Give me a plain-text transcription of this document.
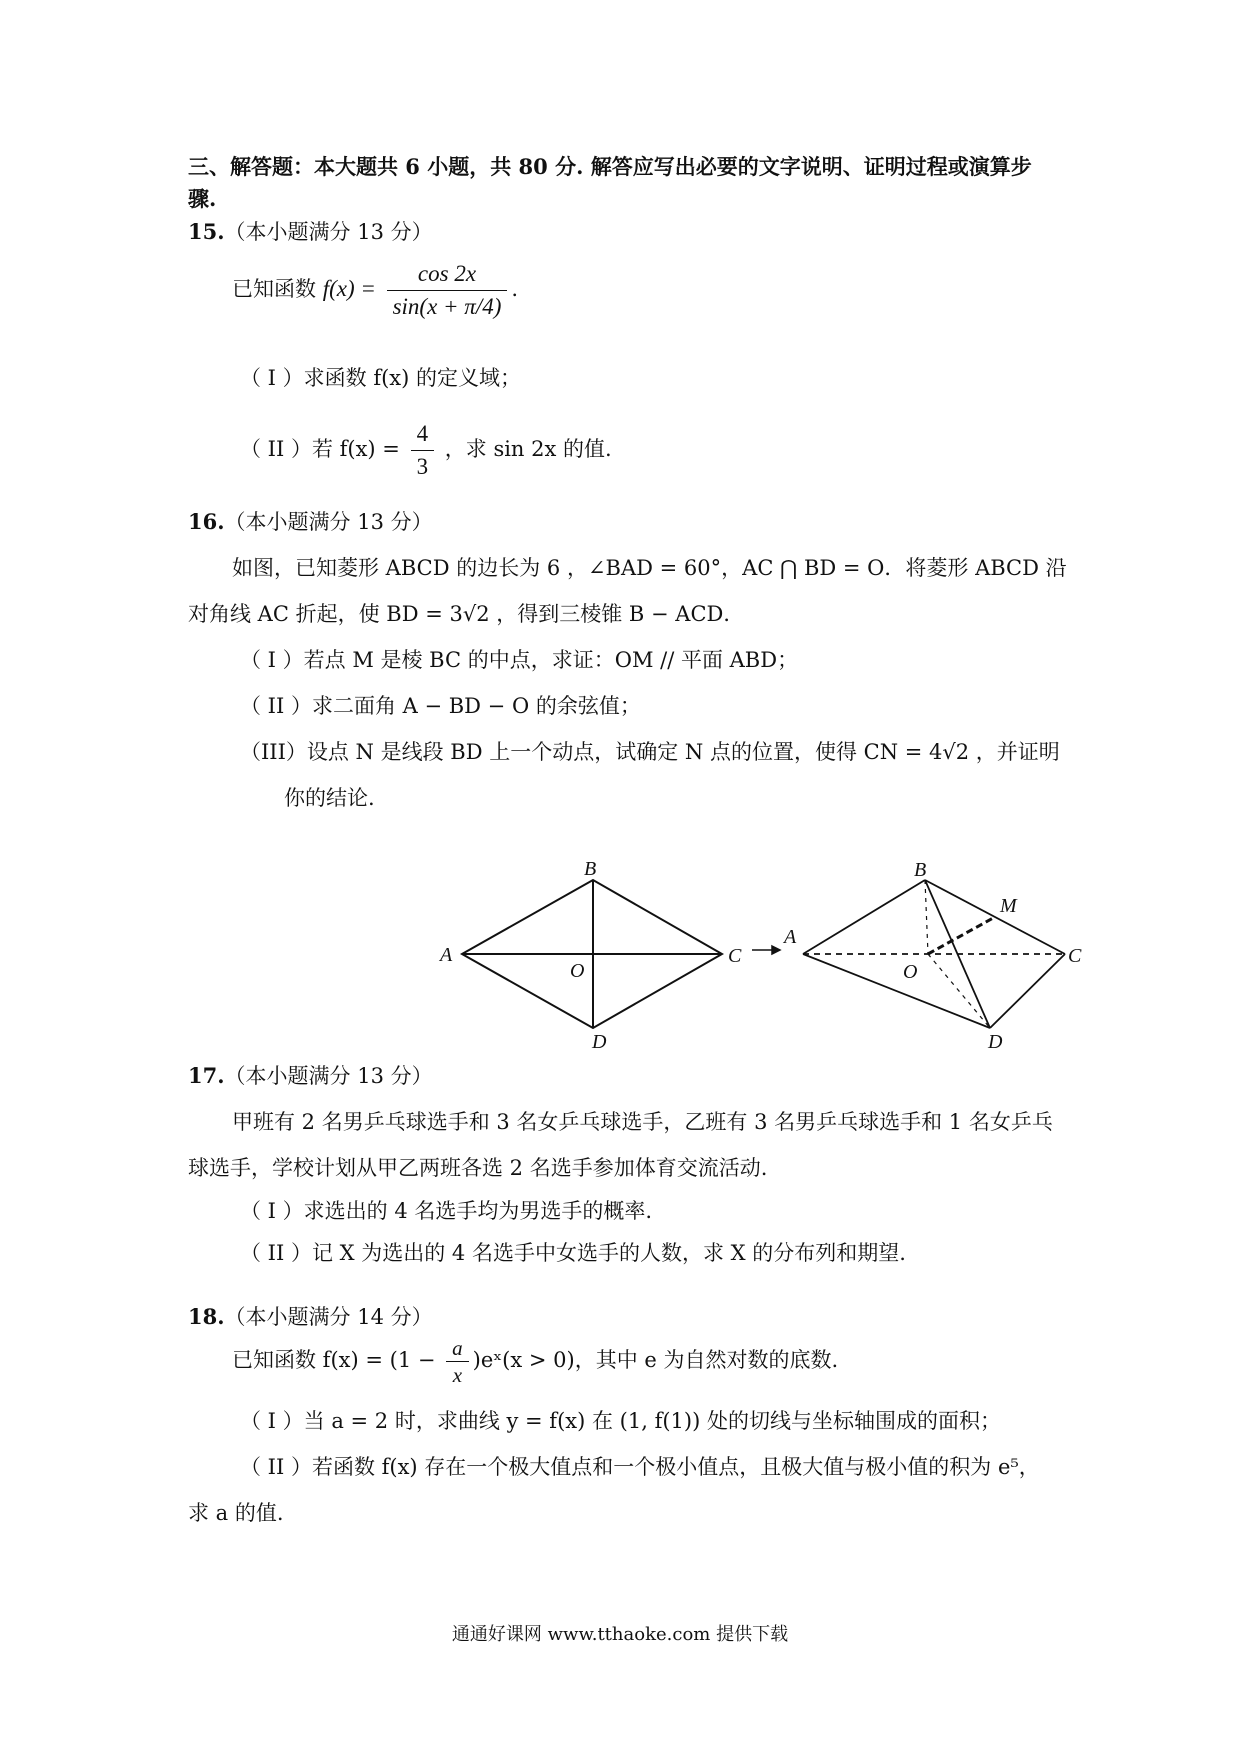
三、解答题：本大题共 6 小题，共 80 分. 解答应写出必要的文字说明、证明过程或演算步
骤.
15.（本小题满分 13 分）
已知函数 $f(x) = \frac{\cos 2x}{\sin(x + \pi/4)}$ .
（ I ）求函数 f(x) 的定义域；
（ II ）若 $f(x) = \frac{4}{3}$ ，求 sin 2x 的值.
16.（本小题满分 13 分）
如图，已知菱形 ABCD 的边长为 6 ，∠BAD = 60°，AC ⋂ BD = O．将菱形 ABCD 沿
对角线 AC 折起，使 BD = 3√2 ，得到三棱锥 B − ACD．
（ I ）若点 M 是棱 BC 的中点，求证：OM // 平面 ABD；
（ II ）求二面角 A − BD − O 的余弦值；
（III）设点 N 是线段 BD 上一个动点，试确定 N 点的位置，使得 CN = 4√2 ，并证明
你的结论.
A
B
C
D
O
A
B
C
D
O
M
17.（本小题满分 13 分）
甲班有 2 名男乒乓球选手和 3 名女乒乓球选手，乙班有 3 名男乒乓球选手和 1 名女乒乓
球选手，学校计划从甲乙两班各选 2 名选手参加体育交流活动.
（ I ）求选出的 4 名选手均为男选手的概率.
（ II ）记 X 为选出的 4 名选手中女选手的人数，求 X 的分布列和期望.
18.（本小题满分 14 分）
已知函数 $f(x) = (1 - \frac{a}{x}$ )eˣ(x > 0)，其中 e 为自然对数的底数.
（ I ）当 a = 2 时，求曲线 y = f(x) 在 (1, f(1)) 处的切线与坐标轴围成的面积；
（ II ）若函数 f(x) 存在一个极大值点和一个极小值点，且极大值与极小值的积为 e⁵，
求 a 的值.
通通好课网 www.tthaoke.com 提供下载
